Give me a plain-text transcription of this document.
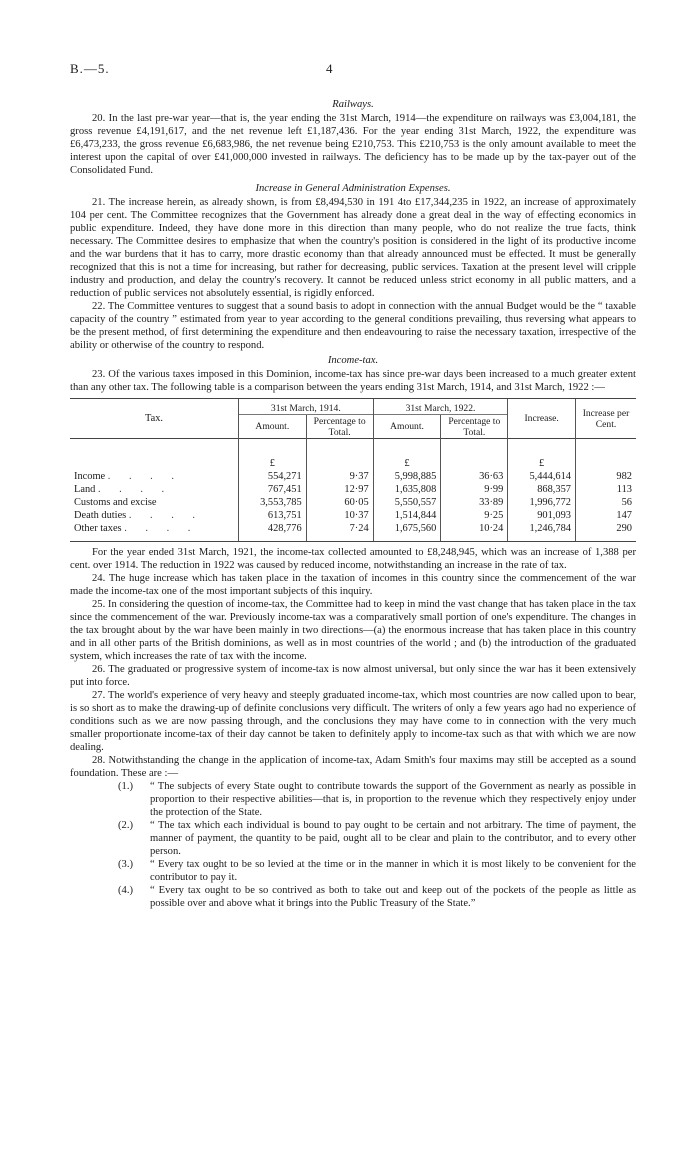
B.—5.	4
Railways.

20. In the last pre-war year—that is, the year ending the 31st March, 1914—the expenditure on railways was £3,004,181, the gross revenue £4,191,617, and the net revenue left £1,187,436. For the year ending 31st March, 1922, the expenditure was £6,473,233, the gross revenue £6,683,986, the net revenue being £210,753. This £210,753 is the only amount available to meet the interest upon the capital of over £41,000,000 invested in railways. The deficiency has to be made up by the tax-payer out of the Consolidated Fund.

Increase in General Administration Expenses.

21. The increase herein, as already shown, is from £8,494,530 in 191 4to £17,344,235 in 1922, an increase of approximately 104 per cent. The Committee recognizes that the Government has already done a great deal in the way of effecting economics in public expenditure. Indeed, they have done more in this direction than many people, who do not realize the true facts, think necessary. The Committee desires to emphasize that when the country's position is considered in the light of its productive income and the war burdens that it has to carry, more drastic economy than that already announced must be effected. It must be generally recognized that this is not a time for increasing, but rather for decreasing, public services. Taxation at the present level will cripple industry and production, and delay the country's recovery. It cannot be reduced unless strict economy in all public matters, and a reduction of public services not absolutely essential, is rigidly enforced.

22. The Committee ventures to suggest that a sound basis to adopt in connection with the annual Budget would be the “ taxable capacity of the country ” estimated from year to year according to the general conditions prevailing, thus reversing what appears to be the present method, of first determining the expenditure and then endeavouring to raise the necessary taxation, irrespective of the ability or otherwise of the country to respond.

Income-tax.

23. Of the various taxes imposed in this Dominion, income-tax has since pre-war days been increased to a much greater extent than any other tax. The following table is a comparison between the years ending 31st March, 1914, and 31st March, 1922 :—

Tax.	31st March, 1914.		31st March, 1922.		Increase.	Increase per Cent.
	Amount.	Percentage to Total.	Amount.	Percentage to Total.		
	£		£		£	
Income . . . .	554,271	9·37	5,998,885	36·63	5,444,614	982
Land . . . .	767,451	12·97	1,635,808	9·99	868,357	113
Customs and excise	3,553,785	60·05	5,550,557	33·89	1,996,772	56
Death duties . . . .	613,751	10·37	1,514,844	9·25	901,093	147
Other taxes . . . .	428,776	7·24	1,675,560	10·24	1,246,784	290

For the year ended 31st March, 1921, the income-tax collected amounted to £8,248,945, which was an increase of 1,388 per cent. over 1914. The reduction in 1922 was caused by reduced income, notwithstanding an increase in the rate of tax.

24. The huge increase which has taken place in the taxation of incomes in this country since the commencement of the war made the income-tax one of the most important subjects of this inquiry.

25. In considering the question of income-tax, the Committee had to keep in mind the vast change that has taken place in the tax since the commencement of the war. Previously income-tax was a comparatively small portion of one's expenditure. The changes in the tax brought about by the war have been mainly in two directions—(a) the enormous increase that has taken place in this country and in all other parts of the British dominions, as well as in most countries of the world ; and (b) the introduction of the graduated system, which increases the rate of tax with the income.

26. The graduated or progressive system of income-tax is now almost universal, but only since the war has it been extensively put into force.

27. The world's experience of very heavy and steeply graduated income-tax, which most countries are now called upon to bear, is so short as to make the drawing-up of definite conclusions very difficult. The writers of only a few years ago had no experience of conditions such as we are now passing through, and the conclusions they may have come to in connection with the very much smaller proportionate income-tax of their day cannot be taken to definitely apply to income-tax such as that with which we are now dealing.

28. Notwithstanding the change in the application of income-tax, Adam Smith's four maxims may still be accepted as a sound foundation. These are :—

(1.) “ The subjects of every State ought to contribute towards the support of the Government as nearly as possible in proportion to their respective abilities—that is, in proportion to the revenue which they respectively enjoy under the protection of the State.
(2.) “ The tax which each individual is bound to pay ought to be certain and not arbitrary. The time of payment, the manner of payment, the quantity to be paid, ought all to be clear and plain to the contributor, and to every other person.
(3.) “ Every tax ought to be so levied at the time or in the manner in which it is most likely to be convenient for the contributor to pay it.
(4.) “ Every tax ought to be so contrived as both to take out and keep out of the pockets of the people as little as possible over and above what it brings into the Public Treasury of the State.”
